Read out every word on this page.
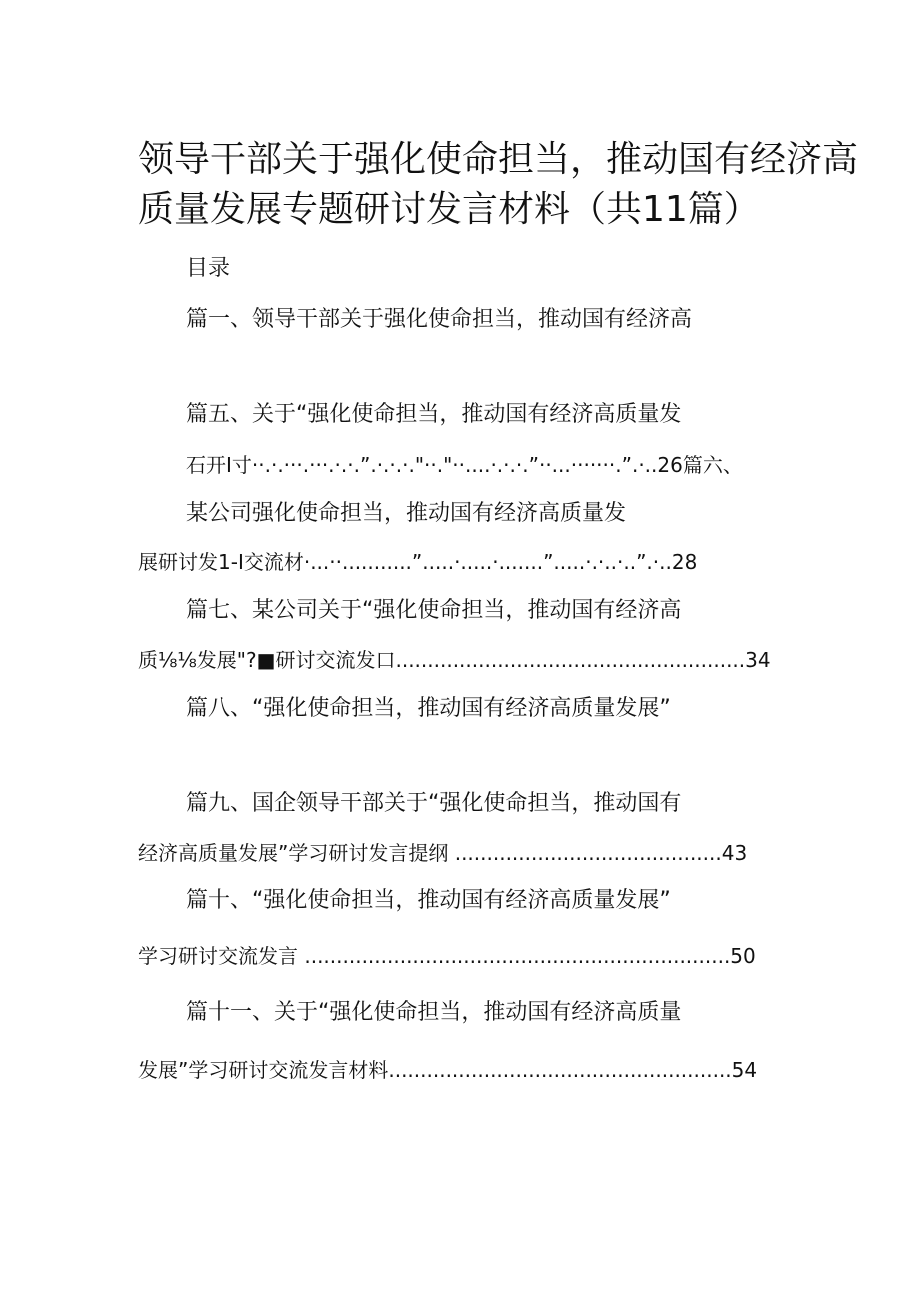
领导干部关于强化使命担当，推动国有经济高
质量发展专题研讨发言材料（共11篇）
目录
篇一、领导干部关于强化使命担当，推动国有经济高
篇五、关于“强化使命担当，推动国有经济高质量发
石开I寸··.·.···.···.·.·.”.·.·.·."··."··....·.·.·.”··...·······.”.·..26篇六、
某公司强化使命担当，推动国有经济高质量发
展研讨发1-I交流材·...··...........”.....·.....·.......”.....·.·..·..”.·..28
篇七、某公司关于“强化使命担当，推动国有经济高
质⅛⅛发展"?■研讨交流发口.......................................................34
篇八、“强化使命担当，推动国有经济高质量发展”
篇九、国企领导干部关于“强化使命担当，推动国有
经济高质量发展”学习研讨发言提纲 ..........................................43
篇十、“强化使命担当，推动国有经济高质量发展”
学习研讨交流发言 ...................................................................50
篇十一、关于“强化使命担当，推动国有经济高质量
发展”学习研讨交流发言材料......................................................54
